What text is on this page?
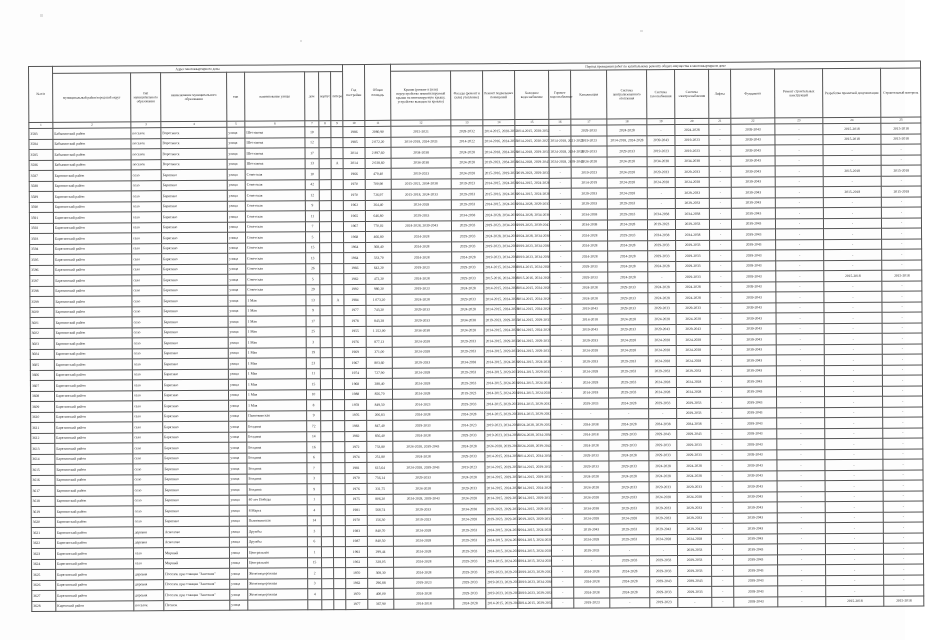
№ п/п	Адрес многоквартирного дома								Год постройки	Общая площадь	Период проведения работ по капитальному ремонту общего имущества в многоквартирном доме													
	муниципальный район/городской округ	тип муниципального образования	наименование муниципального образования	тип	наименование улицы	дом	корпус	литера			Крыши (ремонт и (или) переустройство невентилируемой крыши на вентилируемую крышу, устройство выходов на кровлю)	Фасады (ремонт и (или) утепление)	Ремонт подвальных помещений	Холодное водоснабжение	Горячее водоснабжение	Канализация	Система централизованного отопления	Система газоснабжения	Система электроснабжения	Лифты	Фундамент	Ремонт строительных конструкций	Разработка проектной документации	Строительный контроль
1	2	3	4	5	6	7	8	9	10	11	12	13	14	15	16	17	18	19	20	21	22	23	24	25
3583	Бабынинский район	поселок	Воротынск	улица	Шестакова	10			1986	2080,90	2015-2021	2028-2032	2014-2015, 2028-2032	2014-2015, 2028-2032	-	2029-2033	2024-2028	-	2024-2028	-	2039-2043	-	2015-2018	2015-2018
3584	Бабынинский район	поселок	Воротынск	улица	Шестакова	12			1985	2 072,20	2014-2018, 2024-2033	2014-2022	2014-2016, 2024-2033	2014-2015, 2020-2027	2014-2018, 2021-2025	2019-2023	2014-2018, 2024-2028	2039-2043	2019-2023	-	2039-2043	-	2015-2018	2015-2018
3585	Бабынинский район	поселок	Воротынск	улица	Шестакова	17			2014	2 897,60	2034-2038	2024-2028	2014-2018, 2024-2028	2014-2018, 2029-2033	2024-2028, 2034-2038	2029-2033	2029-2033	2019-2023	2019-2023	-	2039-2043	-	-	-
3586	Бабынинский район	поселок	Воротынск	улица	Шестакова	13		А	2014	2 028,60	2034-2038	2024-2028	2019-2023, 2034-2038	2024-2028, 2029-2043	2024-2028, 2039-2043	2024-2028	2024-2028	2034-2038	2034-2038	-	2039-2043	-	-	-
3587	Барятинский район	село	Барятино	улица	Советская	10			1966	470,40	2019-2023	2024-2028	2015-2016, 2019-2023	2019-2023, 2029-2033	-	2019-2023	2024-2028	2029-2033	2029-2033	-	2039-2043	-	2015-2018	2015-2018
3588	Барятинский район	село	Барятино	улица	Советская	42			1970	700,90	2015-2021, 2034-2038	2019-2023	2014-2015, 2024-2028	2014-2015, 2024-2028	-	2014-2019	2024-2028	2024-2028	2024-2028	-	2039-2043	-	-	-
3589	Барятинский район	село	Барятино	улица	Советская	12			1970	726,97	2015-2018, 2024-2033	2029-2033	2015-2016, 2024-2028	2014-2015, 2024-2028	-	2029-2033	2024-2028	-	2029-2033	-	2039-2043	-	2015-2018	2015-2018
3590	Барятинский район	село	Барятино	улица	Советская	9			1962	264,40	2024-2028	2029-2033	2014-2015, 2024-2028	2024-2028, 2029-2033	-	2029-2033	2029-2033	-	2029-2033	-	2039-2043	-	-	-
3591	Барятинский район	село	Барятино	улица	Советская	11			1965	646,80	2029-2033	2034-2038	2024-2028, 2034-2038	2024-2028, 2034-2038	-	2034-2038	2029-2033	2034-2038	2034-2038	-	2039-2043	-	-	-
3592	Барятинский район	село	Барятино	улица	Советская	7			1967	770,02	2024-2028, 2039-2043	2029-2033	2019-2023, 2034-2038	2019-2023, 2039-2043	-	2034-2038	2024-2028	2019-2023	2029-2033	-	2039-2043	-	-	-
3593	Барятинский район	село	Барятино	улица	Советская	5			1968	466,80	2024-2028	2029-2033	2024-2028, 2034-2038	2024-2028, 2034-2038	-	2024-2028	2029-2033	2034-2038	2034-2038	-	2039-2043	-	-	-
3594	Барятинский район	село	Барятино	улица	Советская	15			1964	368,40	2024-2028	2029-2033	2019-2023, 2034-2038	2019-2023, 2034-2038	-	2024-2028	2024-2028	2029-2033	2029-2033	-	2039-2043	-	-	-
3595	Барятинский район	село	Барятино	улица	Советская	13			1964	333,70	2024-2028	2024-2028	2019-2023, 2034-2038	2019-2023, 2034-2038	-	2024-2028	2024-2028	2029-2033	2029-2033	-	2039-2043	-	-	-
3596	Барятинский район	село	Барятино	улица	Советская	26			1966	642,20	2019-2023	2029-2033	2014-2015, 2024-2028	2014-2015, 2024-2028	-	2029-2033	2024-2028	2024-2028	2029-2033	-	2039-2043	-	-	-
3597	Барятинский район	село	Барятино	улица	Советская	5			1962	472,20	2024-2028	2029-2033	2015-2016, 2024-2028	2015-2016, 2024-2028	-	2029-2033	2024-2028	-	2029-2033	-	2039-2043	-	2015-2018	2015-2018
3598	Барятинский район	село	Барятино	улица	Советская	29			1992	980,20	2019-2023	2024-2028	2014-2015, 2024-2028	2014-2015, 2024-2028	-	2024-2028	2029-2033	2024-2028	2024-2028	-	2039-2043	-	-	-
3599	Барятинский район	село	Барятино	улица	1 Мая	13		А	1984	1 073,20	2024-2028	2029-2033	2014-2015, 2024-2028	2014-2015, 2024-2028	-	2024-2028	2029-2033	2024-2028	2024-2028	-	2039-2043	-	-	-
3600	Барятинский район	село	Барятино	улица	1 Мая	9			1977	743,20	2029-2033	2024-2028	2014-2015, 2024-2028	2014-2015, 2024-2028	-	2019-2043	2029-2033	2029-2033	2029-2033	-	2039-2043	-	-	-
3601	Барятинский район	село	Барятино	улица	1 Мая	17			1978	843,28	2029-2033	2034-2038	2019-2023, 2029-2033	2014-2015, 2029-2033	-	2014-2018	2024-2028	2024-2028	2024-2028	-	2039-2043	-	-	-
3602	Барятинский район	село	Барятино	улица	1 Мая	25			1955	1 252,00	2034-2038	2024-2028	2014-2015, 2024-2028	2014-2015, 2024-2028	-	2019-2043	2029-2033	2029-2043	2029-2043	-	2039-2043	-	-	-
3603	Барятинский район	село	Барятино	улица	1 Мая	3			1976	877,13	2024-2028	2029-2033	2014-2015, 2029-2033	2014-2015, 2029-2033	-	2029-2033	2024-2028	2024-2028	2024-2028	-	2039-2043	-	-	-
3604	Барятинский район	село	Барятино	улица	1 Мая	19			1969	371,00	2024-2028	2029-2033	2014-2015, 2029-2033	2014-2015, 2029-2033	-	2024-2028	2024-2028	2024-2028	2024-2028	-	2039-2043	-	-	-
3605	Барятинский район	село	Барятино	улица	1 Мая	23			1967	803,60	2029-2033	2034-2038	2014-2015, 2024-2028	2014-2015, 2024-2028	-	2029-2033	2029-2033	2024-2028	2024-2028	-	2039-2043	-	-	-
3606	Барятинский район	село	Барятино	улица	1 Мая	11			1974	727,90	2024-2028	2029-2033	2014-2015, 2029-2033	2014-2015, 2029-2033	-	2024-2028	2029-2033	2029-2033	2029-2033	-	2039-2043	-	-	-
3607	Барятинский район	село	Барятино	улица	1 Мая	15			1968	288,40	2024-2028	2029-2033	2014-2015, 2024-2028	2014-2015, 2024-2028	-	2024-2028	2029-2033	2024-2028	2024-2028	-	2039-2043	-	-	-
3608	Барятинский район	село	Барятино	улица	1 Мая	10			1988	856,70	2024-2028	2019-2023	2014-2015, 2024-2028	2014-2015, 2024-2028	-	2014-2018	2029-2033	2024-2028	2024-2028	-	2039-2043	-	-	-
3609	Барятинский район	село	Барятино	улица	1 Мая	8			1978	849,50	2014-2023	2029-2033	2014-2015, 2029-2033	2014-2015, 2029-2033	-	2029-2033	2024-2028	2029-2033	2029-2033	-	2039-2043	-	-	-
3610	Барятинский район	село	Барятино	улица	Пьяновинская	9			1976	206,83	2024-2028	2024-2028	2014-2015, 2029-2033	2014-2015, 2029-2033	-	-	-	-	2029-2033	-	2039-2043	-	-	-
3611	Барятинский район	село	Барятино	улица	Болдина	72			1983	847,40	2029-2033	2014-2023	2019-2023, 2034-2038	2024-2028, 2029-2033	-	2034-2038	2024-2028	2034-2038	2034-2038	-	2039-2043	-	-	-
3612	Барятинский район	село	Барятино	улица	Болдина	14			1982	856,40	2024-2028	2029-2033	2019-2023, 2034-2038	2024-2028, 2034-2038	-	2014-2018	2029-2033	2029-2043	2029-2043	-	2039-2043	-	-	-
3613	Барятинский район	село	Барятино	улица	Болдина	16			1972	733,80	2024-2028, 2039-2043	2024-2028	2024-2028, 2039-2043	2024-2028, 2039-2043	-	2024-2028	2029-2033	2029-2033	2029-2033	-	2039-2043	-	-	-
3614	Барятинский район	село	Барятино	улица	Болдина	6			1974	251,80	2024-2028	2029-2033	2014-2015, 2034-2038	2014-2015, 2034-2038	-	2029-2033	2024-2028	2029-2033	2029-2033	-	2039-2043	-	-	-
3615	Барятинский район	село	Барятино	улица	Болдина	7			1981	615,64	2024-2028, 2039-2043	2019-2023	2014-2015, 2029-2033	2014-2015, 2029-2033	-	2029-2033	2029-2033	2024-2028	2024-2028	-	2039-2043	-	-	-
3616	Барятинский район	село	Барятино	улица	Болдина	3			1970	756,14	2029-2033	2024-2028	2014-2015, 2029-2033	2014-2015, 2029-2033	-	2024-2028	2024-2028	2024-2028	2024-2028	-	2039-2043	-	-	-
3617	Барятинский район	село	Барятино	улица	Болдина	9			1976	331,75	2024-2028	2029-2033	2014-2015, 2024-2028	2014-2015, 2024-2028	-	2024-2028	2029-2033	2029-2033	2029-2033	-	2039-2043	-	-	-
3618	Барятинский район	село	Барятино	улица	40 лет Победы	1			1975	806,20	2024-2028, 2039-2043	2024-2028	2014-2015, 2029-2033	2014-2015, 2029-2033	-	2024-2028	2029-2033	2024-2028	2024-2028	-	2039-2043	-	-	-
3619	Барятинский район	село	Барятино	улица	8 Марта	4			1981	568,74	2029-2033	2034-2038	2019-2023, 2029-2033	2014-2015, 2029-2033	-	2034-2038	2029-2033	2029-2033	2029-2033	-	2039-2043	-	-	-
3620	Барятинский район	село	Барятино	улица	Пьяновинская	14			1970	156,30	2019-2023	2024-2028	2019-2023, 2029-2033	2019-2023, 2029-2033	-	2024-2028	2024-2028	2029-2033	2029-2033	-	2039-2043	-	-	-
3621	Барятинский район	деревня	Асмолово	улица	Дружбы	3			1983	840,70	2024-2028	2029-2033	2014-2015, 2024-2028	2014-2015, 2024-2028	-	2019-2043	2029-2033	2029-2043	2029-2043	-	2039-2043	-	-	-
3622	Барятинский район	деревня	Асмолово	улица	Дружбы	6			1987	840,50	2024-2028	2029-2033	2014-2015, 2024-2028	2014-2015, 2024-2028	-	2024-2028	2029-2033	2024-2028	2024-2028	-	2039-2043	-	-	-
3623	Барятинский район	село	Мирный	улица	Центральная	1			1992	299,44	2024-2028	2029-2033	2014-2015, 2024-2028	2014-2015, 2024-2028	-	2029-2033	-	-	2029-2033	-	2039-2043	-	-	-
3624	Барятинский район	село	Мирный	улица	Центральная	15			1961	328,05	2024-2028	2029-2033	2014-2015, 2024-2028	2014-2015, 2024-2028	-	-	2029-2033	2029-2033	2029-2033	-	2039-2043	-	-	-
3625	Барятинский район	деревня	Поселок при станции "Занозная"	улица	Железнодорожная	2			1970	308,30	2024-2028	2029-2033	2019-2023, 2029-2033	2019-2023, 2029-2033	-	2024-2028	2024-2028	2029-2033	2029-2033	-	2039-2043	-	-	-
3626	Барятинский район	деревня	Поселок при станции "Занозная"	улица	Железнодорожная	3			1962	296,88	2019-2023	2029-2033	2019-2023, 2029-2033	2019-2023, 2034-2038	-	2024-2028	2024-2028	2039-2043	2039-2043	-	2039-2043	-	-	-
3627	Барятинский район	деревня	Поселок при станции "Занозная"	улица	Железнодорожная	4			1970	400,00	2024-2028	2029-2033	2019-2023, 2029-2033	2019-2023, 2029-2033	-	2024-2028	2024-2028	2029-2033	2029-2033	-	2039-2043	-	-	-
3628	Кировский район	поселок	Песнеж	улица					1977	367,90	2014-2018	2024-2028	2014-2015, 2029-2043	2014-2015, 2029-2033	-	2019-2023	-	2019-2023	-	-	2039-2043	-	2015-2018	2015-2018
